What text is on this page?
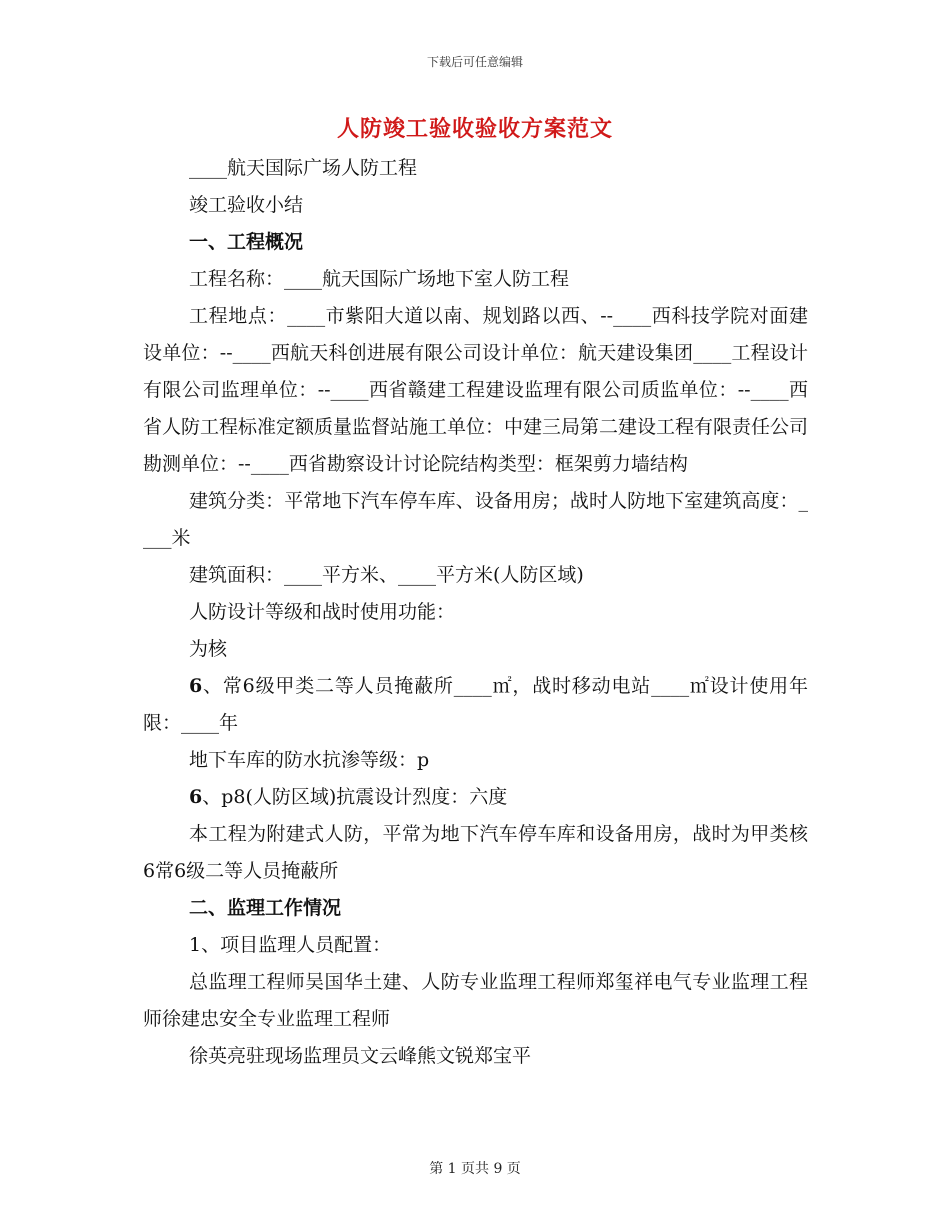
下载后可任意编辑
人防竣工验收验收方案范文

____航天国际广场人防工程

竣工验收小结

一、工程概况

工程名称：____航天国际广场地下室人防工程

工程地点：____市紫阳大道以南、规划路以西、--____西科技学院对面建设单位：--____西航天科创进展有限公司设计单位：航天建设集团____工程设计有限公司监理单位：--____西省赣建工程建设监理有限公司质监单位：--____西省人防工程标准定额质量监督站施工单位：中建三局第二建设工程有限责任公司勘测单位：--____西省勘察设计讨论院结构类型：框架剪力墙结构

建筑分类：平常地下汽车停车库、设备用房；战时人防地下室建筑高度：____米

建筑面积：____平方米、____平方米(人防区域)

人防设计等级和战时使用功能：

为核

6、常6级甲类二等人员掩蔽所____㎡，战时移动电站____㎡设计使用年限：____年

地下车库的防水抗渗等级：p

6、p8(人防区域)抗震设计烈度：六度

本工程为附建式人防，平常为地下汽车停车库和设备用房，战时为甲类核6常6级二等人员掩蔽所

二、监理工作情况

1、项目监理人员配置：

总监理工程师吴国华土建、人防专业监理工程师郑玺祥电气专业监理工程师徐建忠安全专业监理工程师

徐英亮驻现场监理员文云峰熊文锐郑宝平

第 1 页共 9 页
